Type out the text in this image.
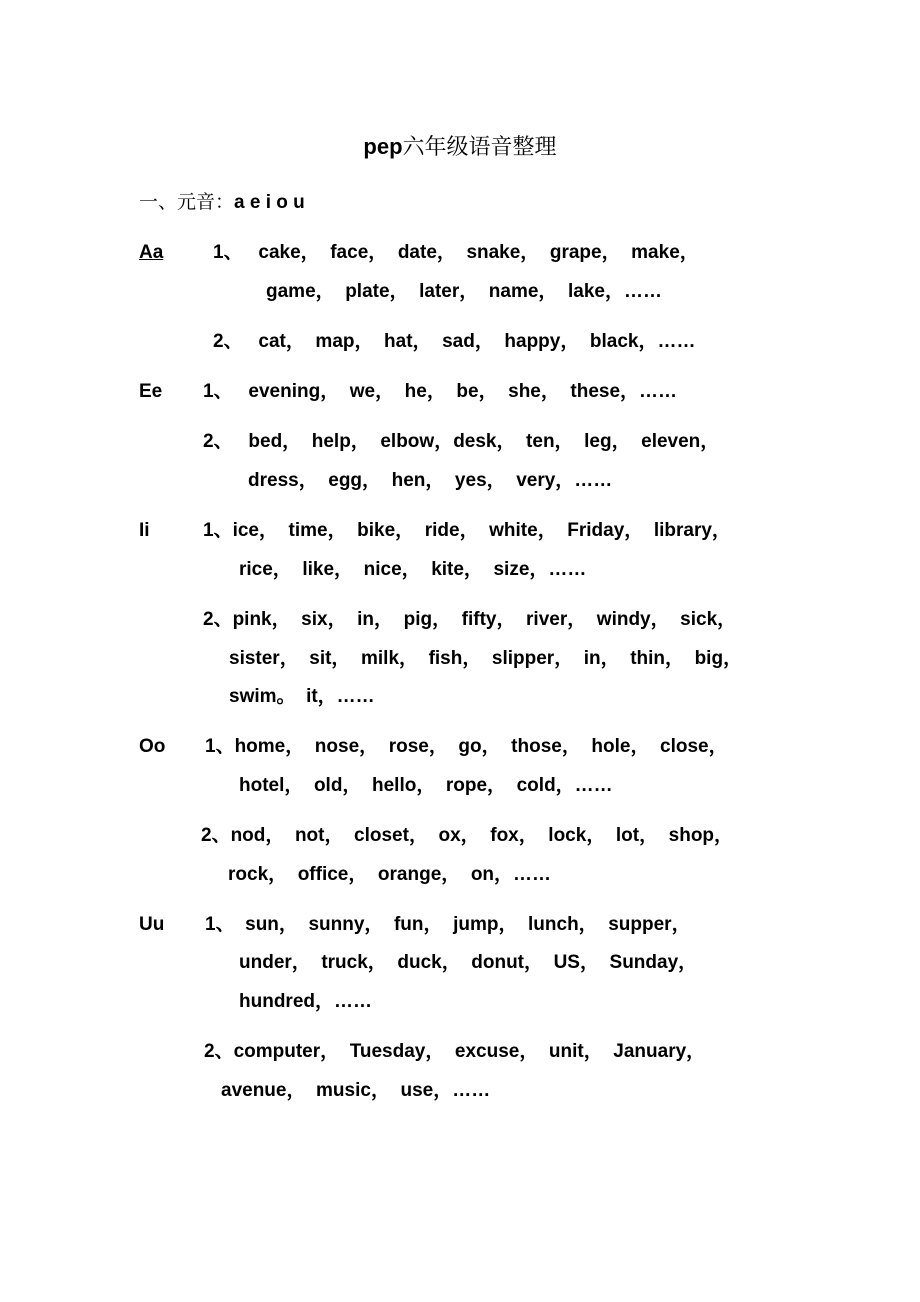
pep六年级语音整理
一、元音：a e i o u
Aa	1、   cake，  face，  date，  snake，  grape，  make，
game，  plate，  later，  name，  lake，……
2、   cat，  map，  hat，  sad，  happy，  black，……
Ee 1、   evening，  we，  he，  be，  she，  these，……
2、   bed，  help，  elbow，desk，  ten，  leg，  eleven，
dress，  egg，  hen，  yes，  very，……
Ii	1、ice，  time，  bike，  ride，  white，  Friday，  library，
rice，  like，  nice，  kite，  size，……
2、pink，  six，  in，  pig，  fifty，  river，  windy，  sick，
sister，  sit，  milk，  fish，  slipper，  in，  thin，  big，
swim。  it，……
Oo 1、home，  nose，  rose，  go，  those，  hole，  close，
hotel，  old，  hello，  rope，  cold，……
2、nod，  not，  closet，  ox，  fox，  lock，  lot，  shop，
rock，  office，  orange，  on，……
Uu 1、  sun，  sunny，  fun，  jump，  lunch，  supper，
under，  truck，  duck，  donut，  US，  Sunday，
hundred，……
2、computer，  Tuesday，  excuse，  unit，  January，
avenue，  music，  use，……
